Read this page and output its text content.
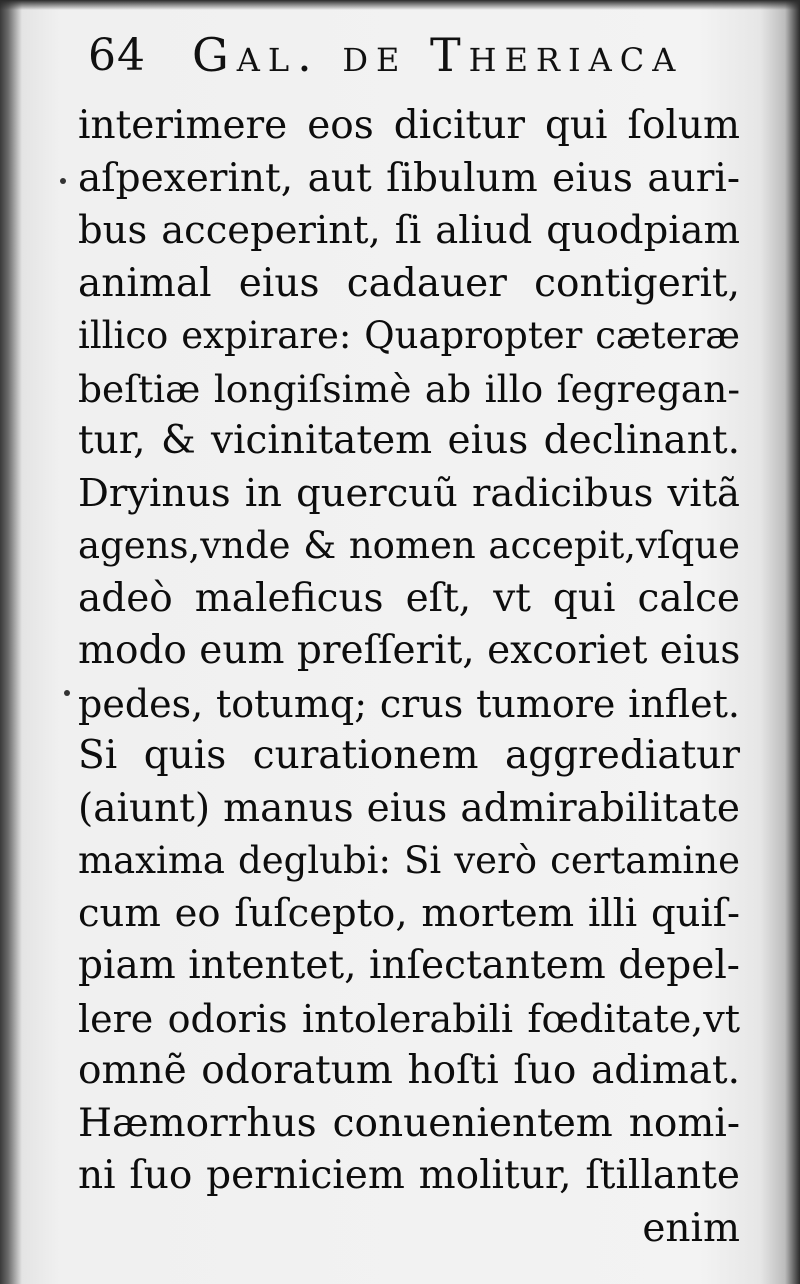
64 Gal. de Theriaca
interimere eos dicitur qui ſolum
aſpexerint, aut ſibulum eius auri-
bus acceperint, ſi aliud quodpiam
animal eius cadauer contigerit,
illico expirare: Quapropter cæteræ
beſtiæ longiſsimè ab illo ſegregan-
tur, & vicinitatem eius declinant.
Dryinus in quercuũ radicibus vitã
agens,vnde & nomen accepit,vſque
adeò maleficus eſt, vt qui calce
modo eum preſſerit, excoriet eius
pedes, totumq; crus tumore inflet.
Si quis curationem aggrediatur
(aiunt) manus eius admirabilitate
maxima deglubi: Si verò certamine
cum eo ſuſcepto, mortem illi quiſ-
piam intentet, inſectantem depel-
lere odoris intolerabili fœditate,vt
omnẽ odoratum hoſti ſuo adimat.
Hæmorrhus conuenientem nomi-
ni ſuo perniciem molitur, ſtillante
enim
